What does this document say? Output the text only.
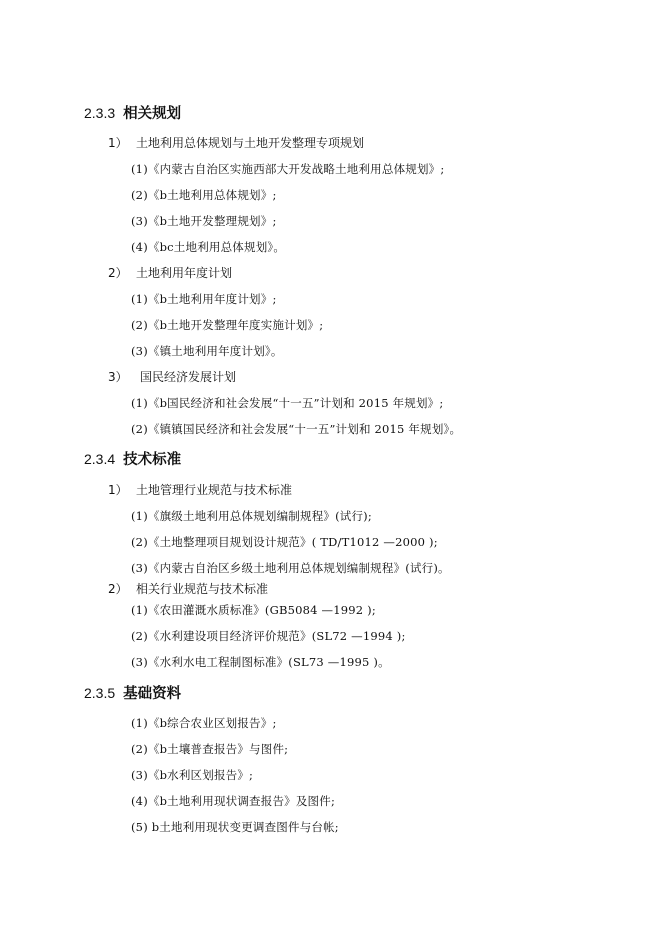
2.3.3 相关规划
1） 土地利用总体规划与土地开发整理专项规划
(1)《内蒙古自治区实施西部大开发战略土地利用总体规划》;
(2)《b土地利用总体规划》;
(3)《b土地开发整理规划》;
(4)《bc土地利用总体规划》。
2） 土地利用年度计划
(1)《b土地利用年度计划》;
(2)《b土地开发整理年度实施计划》;
(3)《镇土地利用年度计划》。
3） 国民经济发展计划
(1)《b国民经济和社会发展“十一五”计划和 2015 年规划》;
(2)《镇镇国民经济和社会发展“十一五”计划和 2015 年规划》。
2.3.4 技术标准
1） 土地管理行业规范与技术标准
(1)《旗级土地利用总体规划编制规程》(试行);
(2)《土地整理项目规划设计规范》( TD/T1012 —2000 );
(3)《内蒙古自治区乡级土地利用总体规划编制规程》(试行)。
2） 相关行业规范与技术标准
(1)《农田灌溉水质标准》(GB5084 —1992 );
(2)《水利建设项目经济评价规范》(SL72 —1994 );
(3)《水利水电工程制图标准》(SL73 —1995 )。
2.3.5 基础资料
(1)《b综合农业区划报告》;
(2)《b土壤普查报告》与图件;
(3)《b水利区划报告》;
(4)《b土地利用现状调查报告》及图件;
(5) b土地利用现状变更调查图件与台帐;
